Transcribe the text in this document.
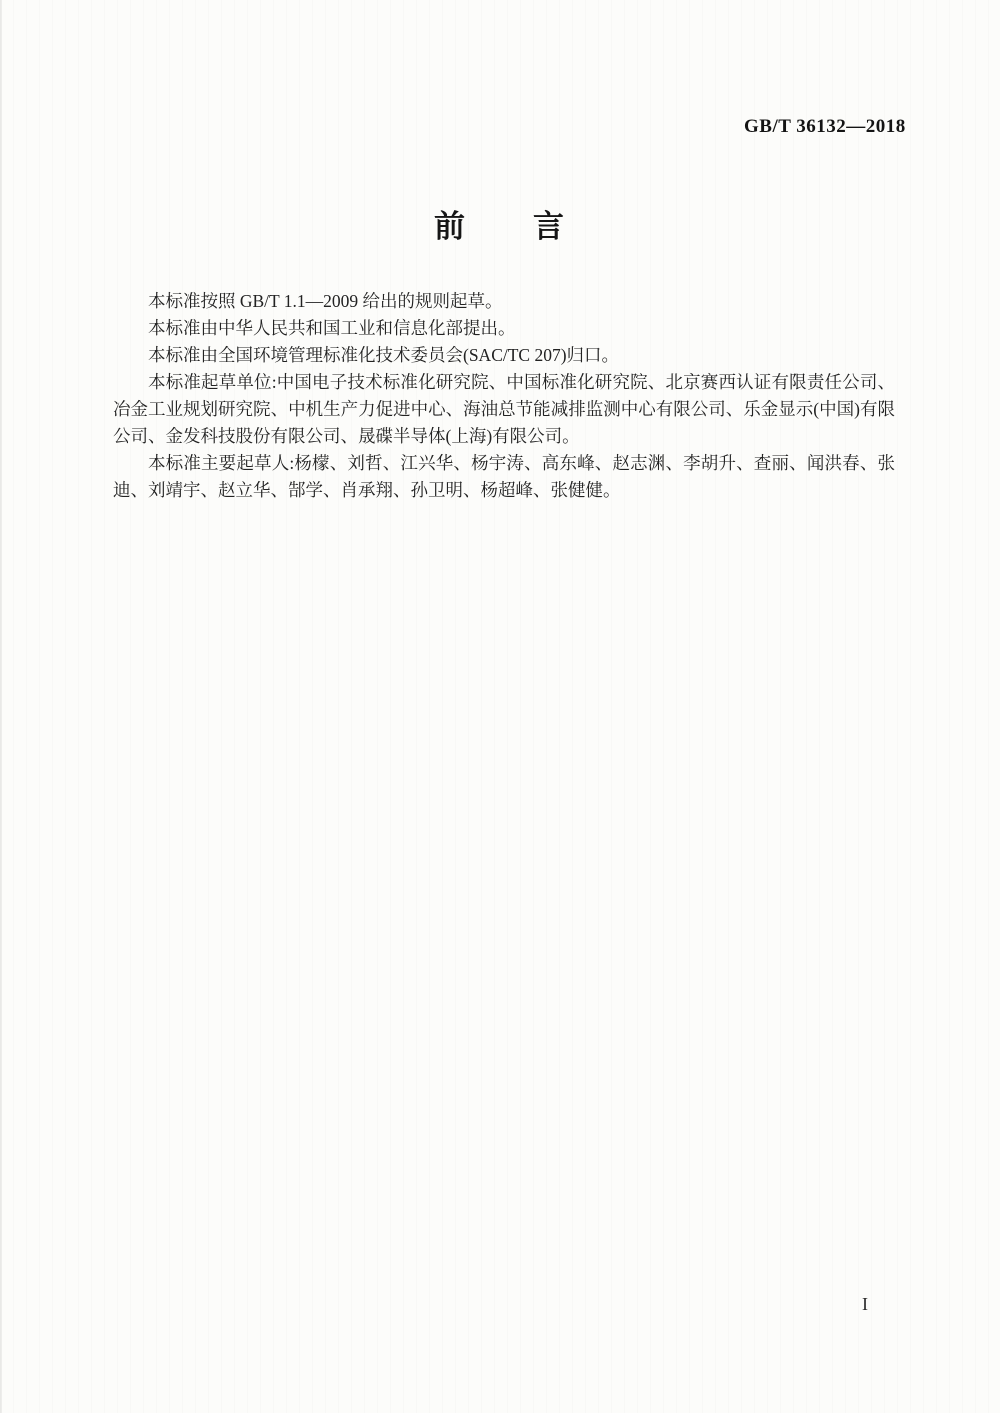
GB/T 36132—2018
前　　言

本标准按照 GB/T 1.1—2009 给出的规则起草。

本标准由中华人民共和国工业和信息化部提出。

本标准由全国环境管理标准化技术委员会(SAC/TC 207)归口。

本标准起草单位:中国电子技术标准化研究院、中国标准化研究院、北京赛西认证有限责任公司、冶金工业规划研究院、中机生产力促进中心、海油总节能减排监测中心有限公司、乐金显示(中国)有限公司、金发科技股份有限公司、晟碟半导体(上海)有限公司。

本标准主要起草人:杨檬、刘哲、江兴华、杨宇涛、高东峰、赵志渊、李胡升、查丽、闻洪春、张迪、刘靖宇、赵立华、郜学、肖承翔、孙卫明、杨超峰、张健健。

I
